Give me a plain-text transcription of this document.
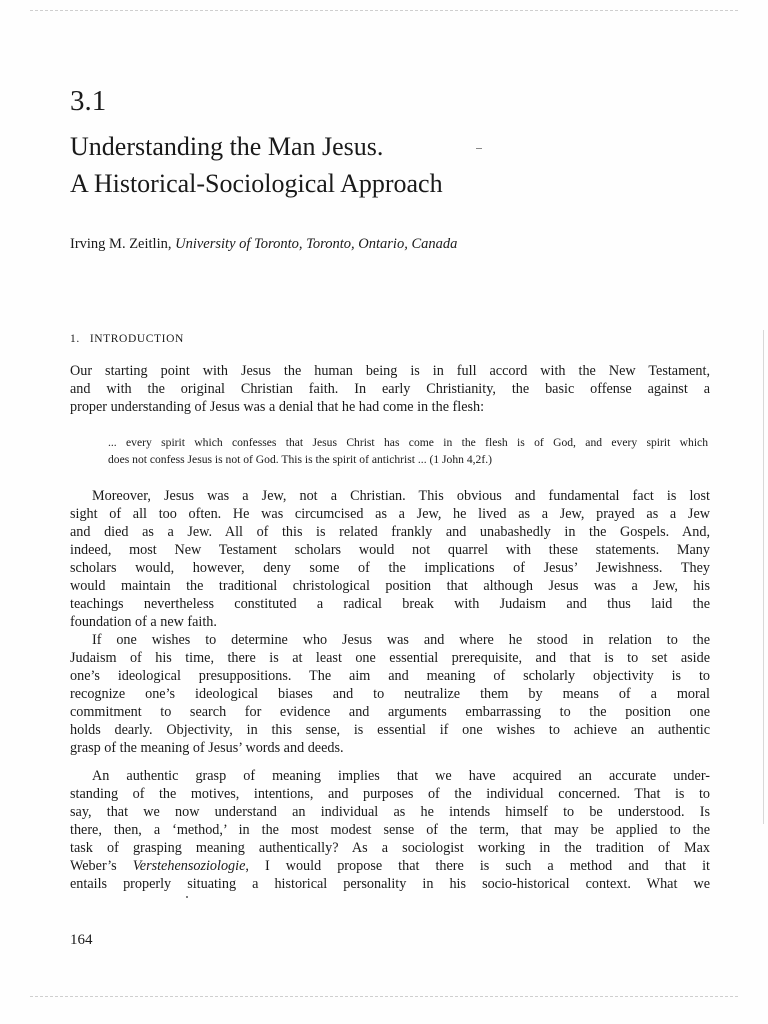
3.1
Understanding the Man Jesus.
A Historical-Sociological Approach
Irving M. Zeitlin, University of Toronto, Toronto, Ontario, Canada
1. INTRODUCTION
Our starting point with Jesus the human being is in full accord with the New Testament,
and with the original Christian faith. In early Christianity, the basic offense against a
proper understanding of Jesus was a denial that he had come in the flesh:
... every spirit which confesses that Jesus Christ has come in the flesh is of God, and every spirit which
does not confess Jesus is not of God. This is the spirit of antichrist ... (1 John 4,2f.)
Moreover, Jesus was a Jew, not a Christian. This obvious and fundamental fact is lost
sight of all too often. He was circumcised as a Jew, he lived as a Jew, prayed as a Jew
and died as a Jew. All of this is related frankly and unabashedly in the Gospels. And,
indeed, most New Testament scholars would not quarrel with these statements. Many
scholars would, however, deny some of the implications of Jesus’ Jewishness. They
would maintain the traditional christological position that although Jesus was a Jew, his
teachings nevertheless constituted a radical break with Judaism and thus laid the
foundation of a new faith.
If one wishes to determine who Jesus was and where he stood in relation to the
Judaism of his time, there is at least one essential prerequisite, and that is to set aside
one’s ideological presuppositions. The aim and meaning of scholarly objectivity is to
recognize one’s ideological biases and to neutralize them by means of a moral
commitment to search for evidence and arguments embarrassing to the position one
holds dearly. Objectivity, in this sense, is essential if one wishes to achieve an authentic
grasp of the meaning of Jesus’ words and deeds.
An authentic grasp of meaning implies that we have acquired an accurate under-
standing of the motives, intentions, and purposes of the individual concerned. That is to
say, that we now understand an individual as he intends himself to be understood. Is
there, then, a ‘method,’ in the most modest sense of the term, that may be applied to the
task of grasping meaning authentically? As a sociologist working in the tradition of Max
Weber’s Verstehensoziologie, I would propose that there is such a method and that it
entails properly situating a historical personality in his socio-historical context. What we
164
